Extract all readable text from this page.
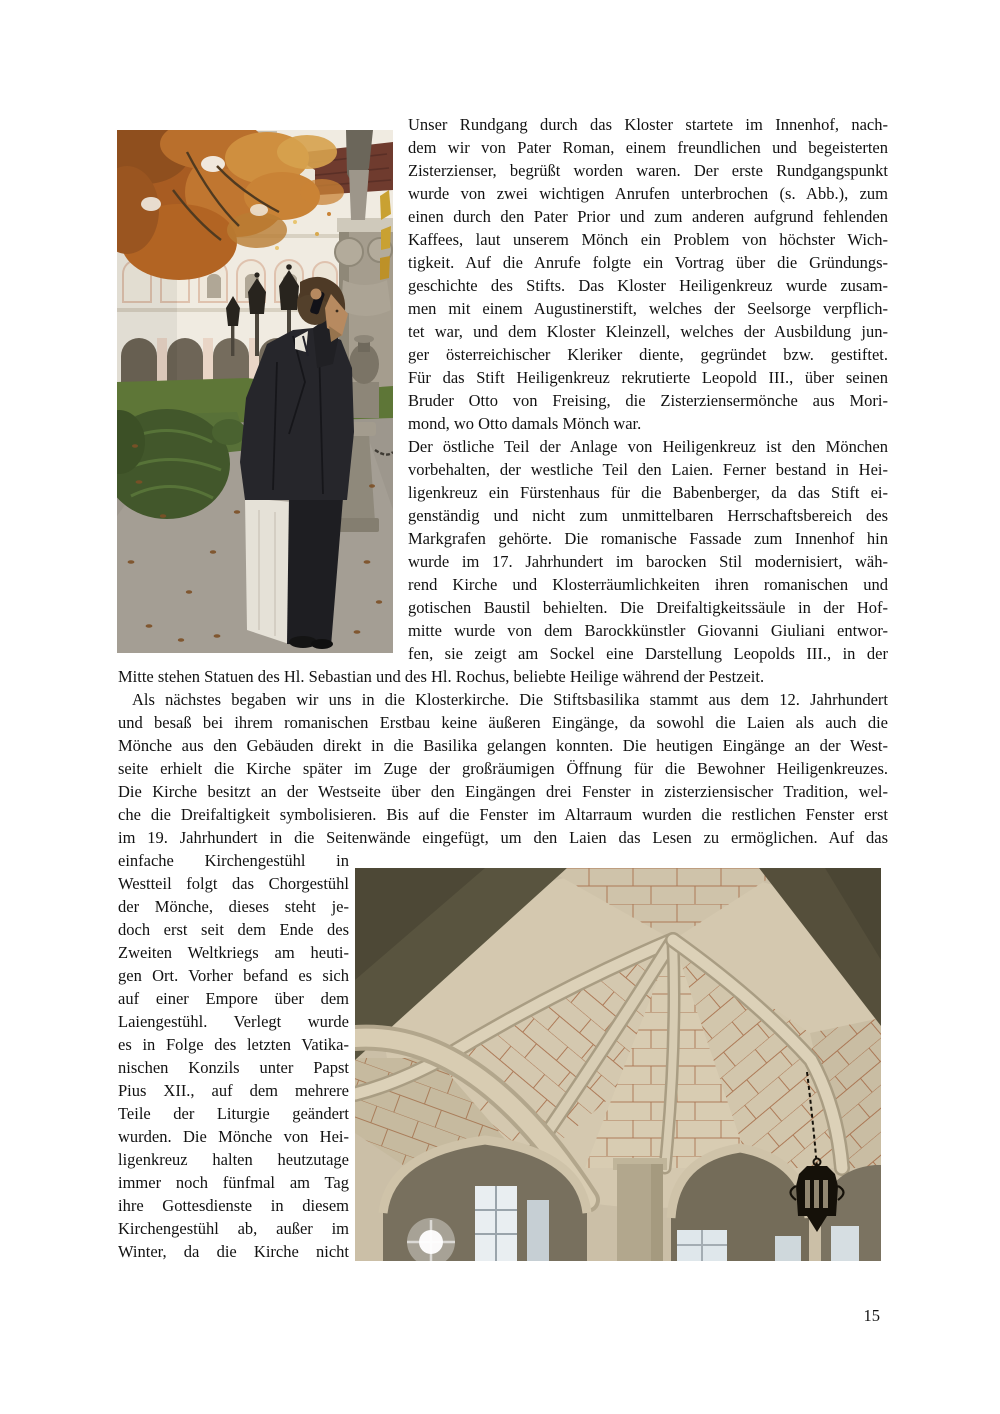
Unser Rundgang durch das Kloster startete im Innenhof, nach-
dem wir von Pater Roman, einem freundlichen und begeisterten
Zisterzienser, begrüßt worden waren. Der erste Rundgangspunkt
wurde von zwei wichtigen Anrufen unterbrochen (s. Abb.), zum
einen durch den Pater Prior und zum anderen aufgrund fehlenden
Kaffees, laut unserem Mönch ein Problem von höchster Wich-
tigkeit. Auf die Anrufe folgte ein Vortrag über die Gründungs-
geschichte des Stifts. Das Kloster Heiligenkreuz wurde zusam-
men mit einem Augustinerstift, welches der Seelsorge verpflich-
tet war, und dem Kloster Kleinzell, welches der Ausbildung jun-
ger österreichischer Kleriker diente, gegründet bzw. gestiftet.
Für das Stift Heiligenkreuz rekrutierte Leopold III., über seinen
Bruder Otto von Freising, die Zisterziensermönche aus Mori-
mond, wo Otto damals Mönch war.
Der östliche Teil der Anlage von Heiligenkreuz ist den Mönchen
vorbehalten, der westliche Teil den Laien. Ferner bestand in Hei-
ligenkreuz ein Fürstenhaus für die Babenberger, da das Stift ei-
genständig und nicht zum unmittelbaren Herrschaftsbereich des
Markgrafen gehörte. Die romanische Fassade zum Innenhof hin
wurde im 17. Jahrhundert im barocken Stil modernisiert, wäh-
rend Kirche und Klosterräumlichkeiten ihren romanischen und
gotischen Baustil behielten. Die Dreifaltigkeitssäule in der Hof-
mitte wurde von dem Barockkünstler Giovanni Giuliani entwor-
fen, sie zeigt am Sockel eine Darstellung Leopolds III., in der
Mitte stehen Statuen des Hl. Sebastian und des Hl. Rochus, beliebte Heilige während der Pestzeit.
Als nächstes begaben wir uns in die Klosterkirche. Die Stiftsbasilika stammt aus dem 12. Jahrhundert
und besaß bei ihrem romanischen Erstbau keine äußeren Eingänge, da sowohl die Laien als auch die
Mönche aus den Gebäuden direkt in die Basilika gelangen konnten. Die heutigen Eingänge an der West-
seite erhielt die Kirche später im Zuge der großräumigen Öffnung für die Bewohner Heiligenkreuzes.
Die Kirche besitzt an der Westseite über den Eingängen drei Fenster in zisterziensischer Tradition, wel-
che die Dreifaltigkeit symbolisieren. Bis auf die Fenster im Altarraum wurden die restlichen Fenster erst
im 19. Jahrhundert in die Seitenwände eingefügt, um den Laien das Lesen zu ermöglichen. Auf das
einfache Kirchengestühl in
Westteil folgt das Chorgestühl
der Mönche, dieses steht je-
doch erst seit dem Ende des
Zweiten Weltkriegs am heuti-
gen Ort. Vorher befand es sich
auf einer Empore über dem
Laiengestühl. Verlegt wurde
es in Folge des letzten Vatika-
nischen Konzils unter Papst
Pius XII., auf dem mehrere
Teile der Liturgie geändert
wurden. Die Mönche von Hei-
ligenkreuz halten heutzutage
immer noch fünfmal am Tag
ihre Gottesdienste in diesem
Kirchengestühl ab, außer im
Winter, da die Kirche nicht
15
